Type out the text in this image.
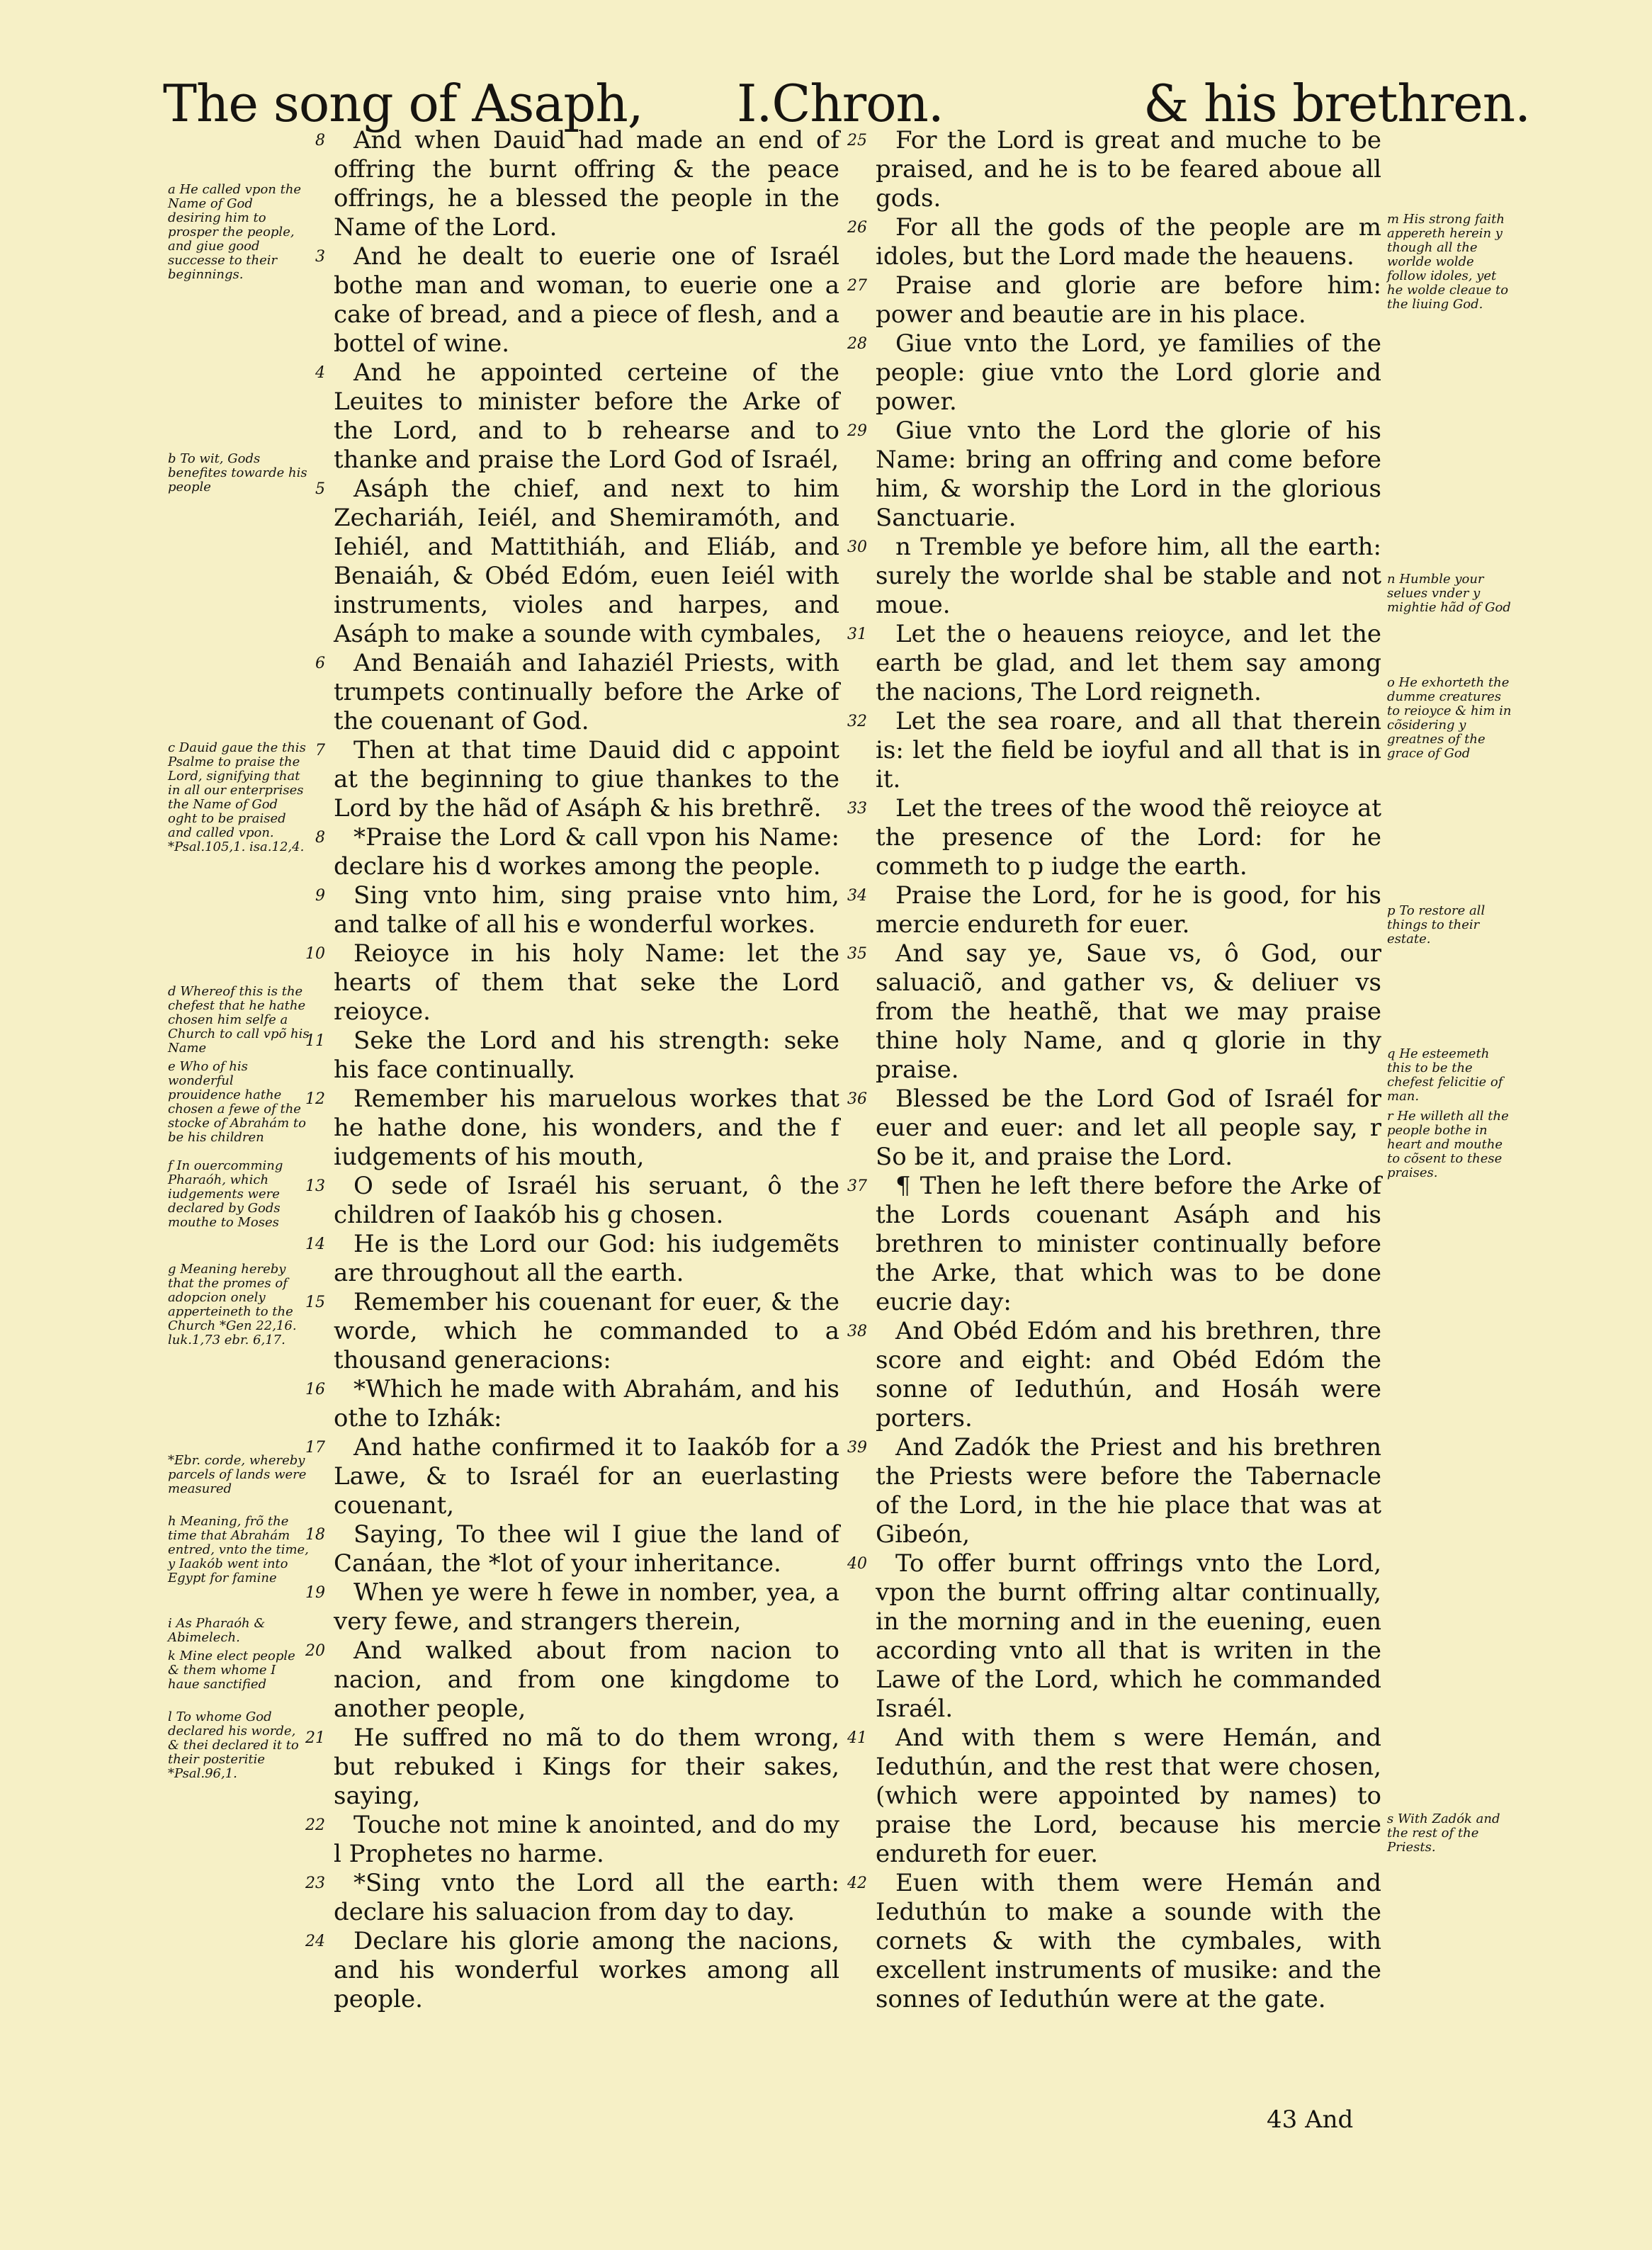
The song of Asaph, I.Chron.	& his brethren.

8 And when Dauid had made an end of offring the burnt offring & the peace offrings, he a blessed the people in the Name of the Lord.

3 And he dealt to euerie one of Israél bothe man and woman, to euerie one a cake of bread, and a piece of flesh, and a bottel of wine.

4 And he appointed certeine of the Leuites to minister before the Arke of the Lord, and to b rehearse and to thanke and praise the Lord God of Israél,

5 Asáph the chief, and next to him Zechariáh, Ieiél, and Shemiramóth, and Iehiél, and Mattithiáh, and Eliáb, and Benaiáh, & Obéd Edóm, euen Ieiél with instruments, violes and harpes, and Asáph to make a sounde with cymbales,

6 And Benaiáh and Iahaziél Priests, with trumpets continually before the Arke of the couenant of God.

7 Then at that time Dauid did c appoint at the beginning to giue thankes to the Lord by the hãd of Asáph & his brethrẽ.

8 *Praise the Lord & call vpon his Name: declare his d workes among the people.

9 Sing vnto him, sing praise vnto him, and talke of all his e wonderful workes.

10 Reioyce in his holy Name: let the hearts of them that seke the Lord reioyce.

11 Seke the Lord and his strength: seke his face continually.

12 Remember his maruelous workes that he hathe done, his wonders, and the f iudgements of his mouth,

13 O sede of Israél his seruant, ô the children of Iaakób his g chosen.

14 He is the Lord our God: his iudgemẽts are throughout all the earth.

15 Remember his couenant for euer, & the worde, which he commanded to a thousand generacions:

16 *Which he made with Abrahám, and his othe to Izhák:

17 And hathe confirmed it to Iaakób for a Lawe, & to Israél for an euerlasting couenant,

18 Saying, To thee wil I giue the land of Canáan, the *lot of your inheritance.

19 When ye were h fewe in nomber, yea, a very fewe, and strangers therein,

20 And walked about from nacion to nacion, and from one kingdome to another people,

21 He suffred no mã to do them wrong, but rebuked i Kings for their sakes, saying,

22 Touche not mine k anointed, and do my l Prophetes no harme.

23 *Sing vnto the Lord all the earth: declare his saluacion from day to day.

24 Declare his glorie among the nacions, and his wonderful workes among all people.

25 For the Lord is great and muche to be praised, and he is to be feared aboue all gods.

26 For all the gods of the people are m idoles, but the Lord made the heauens.

27 Praise and glorie are before him: power and beautie are in his place.

28 Giue vnto the Lord, ye families of the people: giue vnto the Lord glorie and power.

29 Giue vnto the Lord the glorie of his Name: bring an offring and come before him, & worship the Lord in the glorious Sanctuarie.

30 n Tremble ye before him, all the earth: surely the worlde shal be stable and not moue.

31 Let the o heauens reioyce, and let the earth be glad, and let them say among the nacions, The Lord reigneth.

32 Let the sea roare, and all that therein is: let the field be ioyful and all that is in it.

33 Let the trees of the wood thẽ reioyce at the presence of the Lord: for he commeth to p iudge the earth.

34 Praise the Lord, for he is good, for his mercie endureth for euer.

35 And say ye, Saue vs, ô God, our saluaciõ, and gather vs, & deliuer vs from the heathẽ, that we may praise thine holy Name, and q glorie in thy praise.

36 Blessed be the Lord God of Israél for euer and euer: and let all people say, r So be it, and praise the Lord.

37 ¶ Then he left there before the Arke of the Lords couenant Asáph and his brethren to minister continually before the Arke, that which was to be done eucrie day:

38 And Obéd Edóm and his brethren, thre score and eight: and Obéd Edóm the sonne of Ieduthún, and Hosáh were porters.

39 And Zadók the Priest and his brethren the Priests were before the Tabernacle of the Lord, in the hie place that was at Gibeón,

40 To offer burnt offrings vnto the Lord, vpon the burnt offring altar continually, in the morning and in the euening, euen according vnto all that is writen in the Lawe of the Lord, which he commanded Israél.

41 And with them s were Hemán, and Ieduthún, and the rest that were chosen, (which were appointed by names) to praise the Lord, because his mercie endureth for euer.

42 Euen with them were Hemán and Ieduthún to make a sounde with the cornets & with the cymbales, with excellent instruments of musike: and the sonnes of Ieduthún were at the gate.

a He called vpon the Name of God desiring him to prosper the people, and giue good successe to their beginnings.

b To wit, Gods benefites towarde his people

c Dauid gaue the this Psalme to praise the Lord, signifying that in all our enterprises the Name of God oght to be praised and called vpon. *Psal.105,1. isa.12,4.

d Whereof this is the chefest that he hathe chosen him selfe a Church to call vpõ his Name

e Who of his wonderful prouidence hathe chosen a fewe of the stocke of Abrahám to be his children

f In ouercomming Pharaóh, which iudgements were declared by Gods mouthe to Moses

g Meaning hereby that the promes of adopcion onely apperteineth to the Church *Gen 22,16. luk.1,73 ebr. 6,17.

*Ebr. corde, whereby parcels of lands were measured

h Meaning, frõ the time that Abrahám entred, vnto the time, y Iaakób went into Egypt for famine

i As Pharaóh & Abimelech.

k Mine elect people & them whome I haue sanctified

l To whome God declared his worde, & thei declared it to their posteritie *Psal.96,1.

m His strong faith appereth herein y though all the worlde wolde follow idoles, yet he wolde cleaue to the liuing God.

n Humble your selues vnder y mightie hãd of God

o He exhorteth the dumme creatures to reioyce & him in cõsidering y greatnes of the grace of God

p To restore all things to their estate.

q He esteemeth this to be the chefest felicitie of man.

r He willeth all the people bothe in heart and mouthe to cõsent to these praises.

s With Zadók and the rest of the Priests.

43 And
